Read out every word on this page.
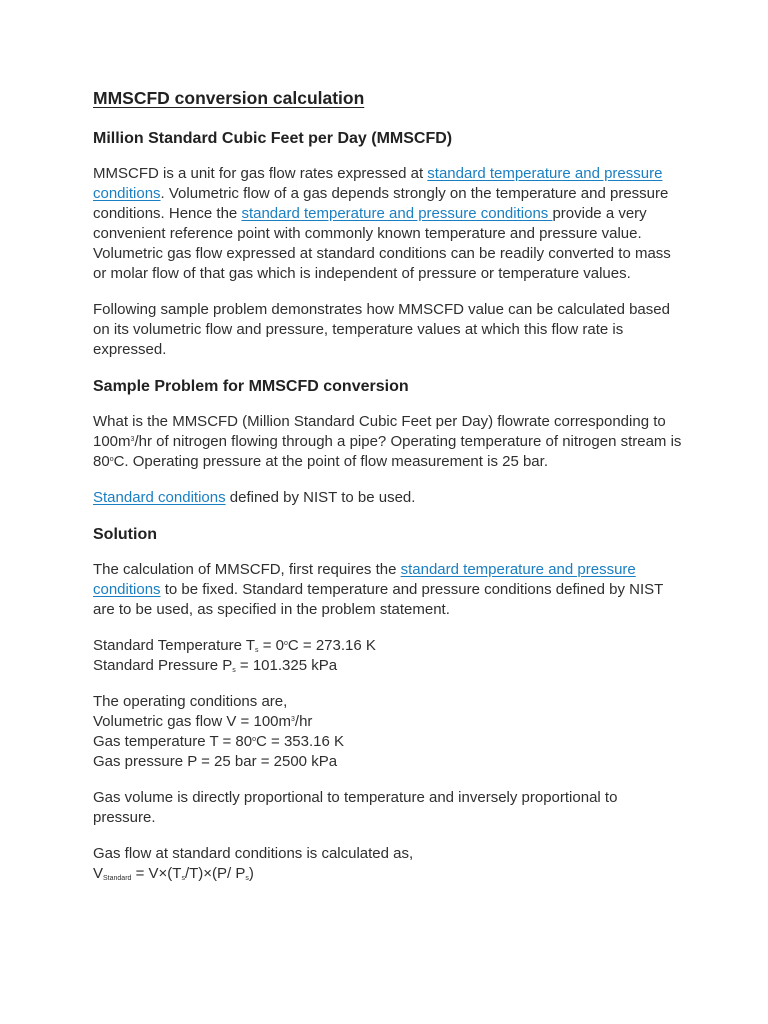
MMSCFD conversion calculation
Million Standard Cubic Feet per Day (MMSCFD)

MMSCFD is a unit for gas flow rates expressed at standard temperature and pressure conditions. Volumetric flow of a gas depends strongly on the temperature and pressure conditions. Hence the standard temperature and pressure conditions provide a very convenient reference point with commonly known temperature and pressure value. Volumetric gas flow expressed at standard conditions can be readily converted to mass or molar flow of that gas which is independent of pressure or temperature values.

Following sample problem demonstrates how MMSCFD value can be calculated based on its volumetric flow and pressure, temperature values at which this flow rate is expressed.

Sample Problem for MMSCFD conversion

What is the MMSCFD (Million Standard Cubic Feet per Day) flowrate corresponding to $100m^3/hr$ of nitrogen flowing through a pipe? Operating temperature of nitrogen stream is 80$^o$C. Operating pressure at the point of flow measurement is 25 bar.

Standard conditions defined by NIST to be used.

Solution

The calculation of MMSCFD, first requires the standard temperature and pressure conditions to be fixed. Standard temperature and pressure conditions defined by NIST are to be used, as specified in the problem statement.

Standard Temperature $T_s = 0^oC = 273.16$ K
Standard Pressure $P_s = 101.325$ kPa

The operating conditions are,
Volumetric gas flow $V = 100m^3/hr$
Gas temperature $T = 80^oC = 353.16$ K
Gas pressure P = 25 bar = 2500 kPa

Gas volume is directly proportional to temperature and inversely proportional to pressure.

Gas flow at standard conditions is calculated as,
$V_{Standard} = V\times(T_s/T)\times(P/$ $P_s$)
